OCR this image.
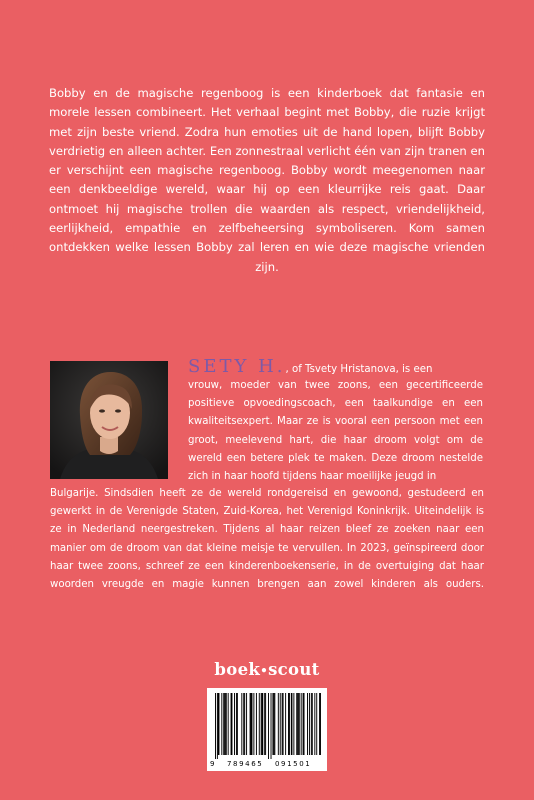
Bobby en de magische regenboog is een kinderboek dat fantasie en morele lessen combineert. Het verhaal begint met Bobby, die ruzie krijgt met zijn beste vriend. Zodra hun emoties uit de hand lopen, blijft Bobby verdrietig en alleen achter. Een zonnestraal verlicht één van zijn tranen en er verschijnt een magische regenboog. Bobby wordt meegenomen naar een denkbeeldige wereld, waar hij op een kleurrijke reis gaat. Daar ontmoet hij magische trollen die waarden als respect, vriendelijkheid, eerlijkheid, empathie en zelfbeheersing symboliseren. Kom samen ontdekken welke lessen Bobby zal leren en wie deze magische vrienden zijn.

SETY H., of Tsvety Hristanova, is een

vrouw, moeder van twee zoons, een gecertificeerde positieve opvoedingscoach, een taalkundige en een kwaliteitsexpert. Maar ze is vooral een persoon met een groot, meelevend hart, die haar droom volgt om de wereld een betere plek te maken. Deze droom nestelde zich in haar hoofd tijdens haar moeilijke jeugd in

Bulgarije. Sindsdien heeft ze de wereld rondgereisd en gewoond, gestudeerd en gewerkt in de Verenigde Staten, Zuid-Korea, het Verenigd Koninkrijk. Uiteindelijk is ze in Nederland neergestreken. Tijdens al haar reizen bleef ze zoeken naar een manier om de droom van dat kleine meisje te vervullen. In 2023, geïnspireerd door haar twee zoons, schreef ze een kinderenboekenserie, in de overtuiging dat haar woorden vreugde en magie kunnen brengen aan zowel kinderen als ouders.

boek•scout
9 789465 091501
